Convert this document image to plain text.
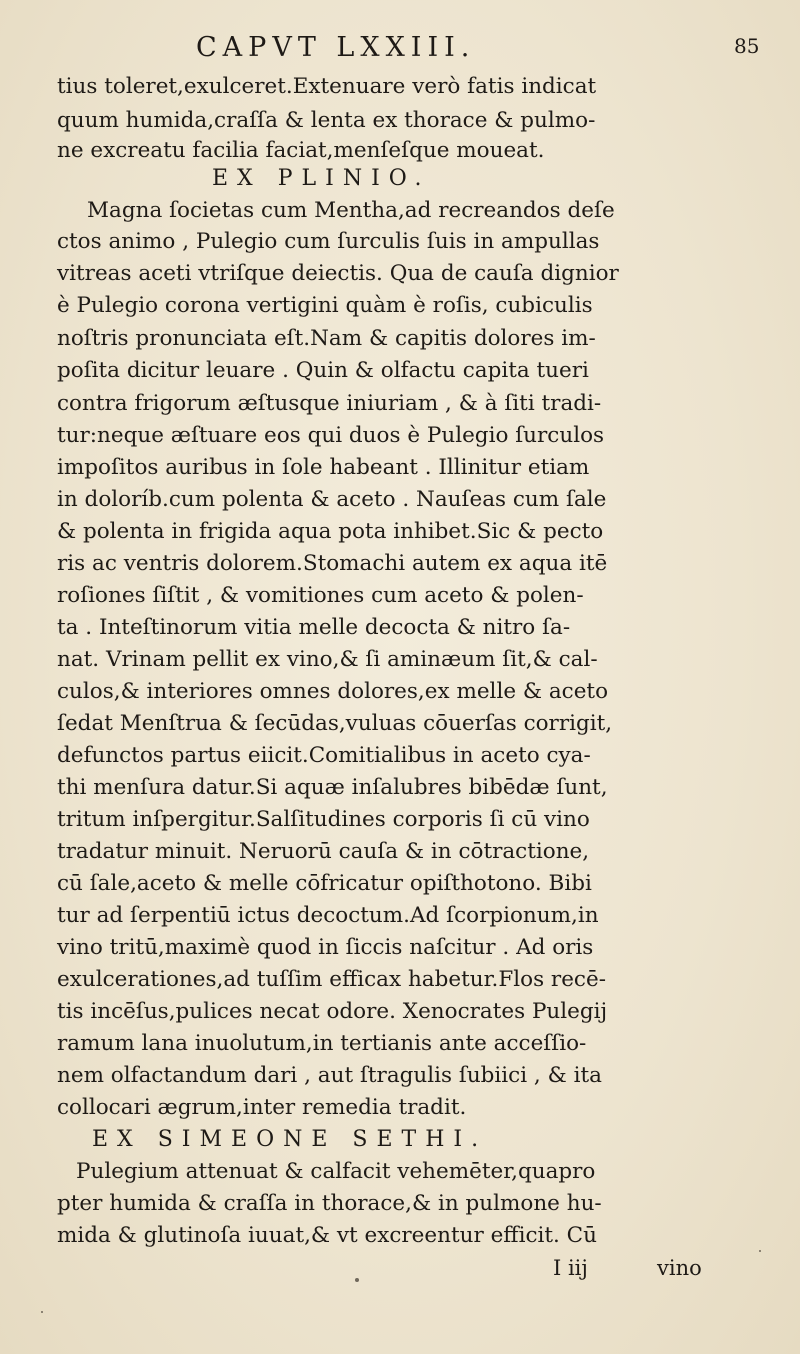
CAPVT LXXIII.	85
tius toleret,exulceret.Extenuare verò fatis indicat
quum humida,craſſa & lenta ex thorace & pulmo-
ne excreatu facilia faciat,menſeſque moueat.
EX PLINIO.
Magna ſocietas cum Mentha,ad recreandos deſe
ctos animo , Pulegio cum ſurculis ſuis in ampullas
vitreas aceti vtriſque deiectis. Qua de cauſa dignior
è Pulegio corona vertigini quàm è roſis, cubiculis
noſtris pronunciata eſt.Nam & capitis dolores im-
poſita dicitur leuare . Quin & olfactu capita tueri
contra frigorum æſtusque iniuriam , & à ſiti tradi-
tur:neque æſtuare eos qui duos è Pulegio ſurculos
impoſitos auribus in ſole habeant . Illinitur etiam
in doloríb.cum polenta & aceto . Nauſeas cum ſale
& polenta in frigida aqua pota inhibet.Sic & pecto
ris ac ventris dolorem.Stomachi autem ex aqua itē
roſiones ſiſtit , & vomitiones cum aceto & polen-
ta . Inteſtinorum vitia melle decocta & nitro ſa-
nat. Vrinam pellit ex vino,& ſi aminæum ſit,& cal-
culos,& interiores omnes dolores,ex melle & aceto
ſedat Menſtrua & ſecūdas,vuluas cōuerſas corrigit,
defunctos partus eiicit.Comitialibus in aceto cya-
thi menſura datur.Si aquæ inſalubres bibēdæ ſunt,
tritum inſpergitur.Salſitudines corporis ſi cū vino
tradatur minuit. Neruorū cauſa & in cōtractione,
cū ſale,aceto & melle cōfricatur opiſthotono. Bibi
tur ad ſerpentiū ictus decoctum.Ad ſcorpionum,in
vino tritū,maximè quod in ſiccis naſcitur . Ad oris
exulcerationes,ad tuſſim efficax habetur.Flos recē-
tis incēſus,pulices necat odore. Xenocrates Pulegij
ramum lana inuolutum,in tertianis ante acceſſio-
nem olfactandum dari , aut ſtragulis ſubiici , & ita
collocari ægrum,inter remedia tradit.
EX SIMEONE SETHI.
Pulegium attenuat & calfacit vehemēter,quapro
pter humida & craſſa in thorace,& in pulmone hu-
mida & glutinoſa iuuat,& vt excreentur efficit. Cū
I iij	vino
